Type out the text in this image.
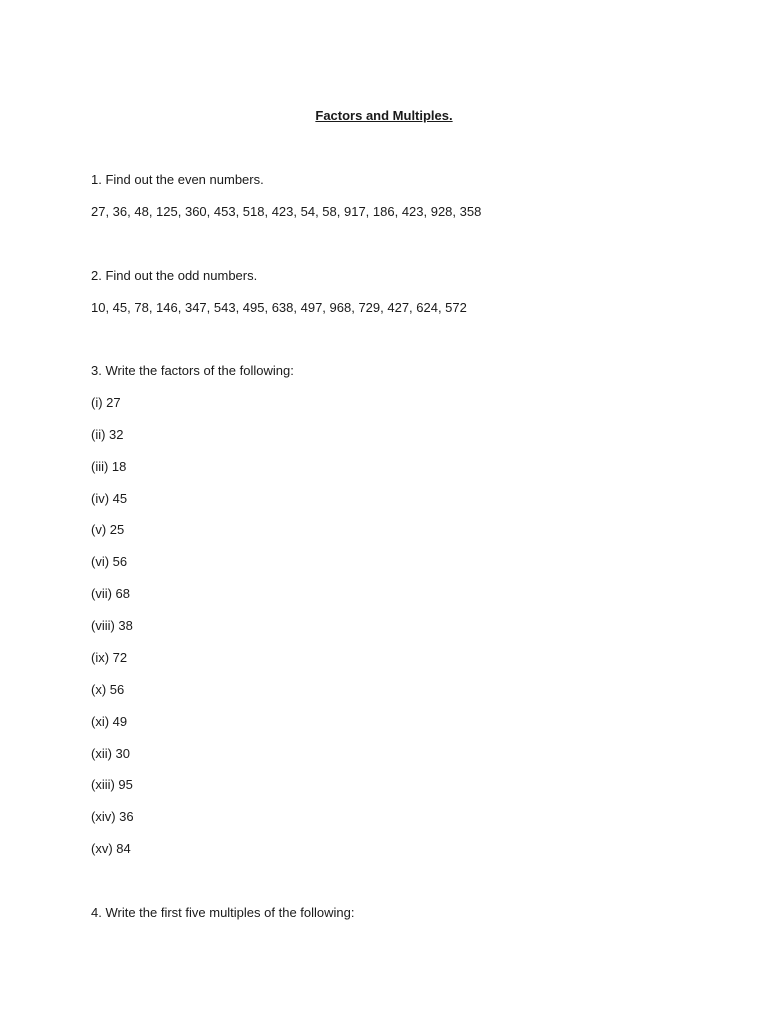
Factors and Multiples.
1. Find out the even numbers.
27, 36, 48, 125, 360, 453, 518, 423, 54, 58, 917, 186, 423, 928, 358
2. Find out the odd numbers.
10, 45, 78, 146, 347, 543, 495, 638, 497, 968, 729, 427, 624, 572
3. Write the factors of the following:
(i) 27
(ii) 32
(iii) 18
(iv) 45
(v) 25
(vi) 56
(vii) 68
(viii) 38
(ix) 72
(x) 56
(xi) 49
(xii) 30
(xiii) 95
(xiv) 36
(xv) 84
4. Write the first five multiples of the following:
